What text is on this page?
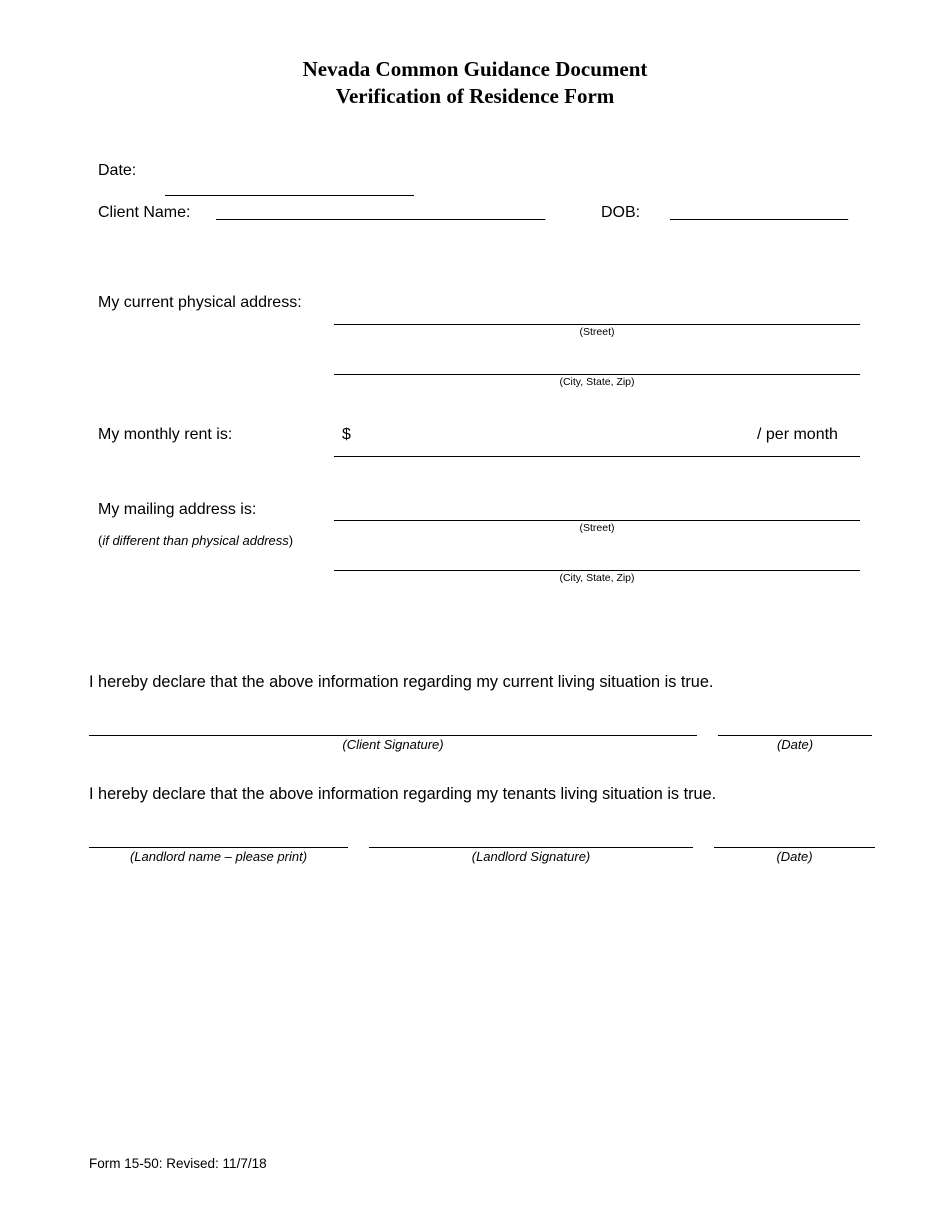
Nevada Common Guidance Document
Verification of Residence Form
Date:
Client Name: _____________________________________	DOB: ____________________
My current physical address:
(Street)
(City, State, Zip)
My monthly rent is:	$	/ per month
My mailing address is:
(if different than physical address)
(Street)
(City, State, Zip)
I hereby declare that the above information regarding my current living situation is true.
(Client Signature)	(Date)
I hereby declare that the above information regarding my tenants living situation is true.
(Landlord name – please print)	(Landlord Signature)	(Date)
Form 15-50: Revised: 11/7/18
